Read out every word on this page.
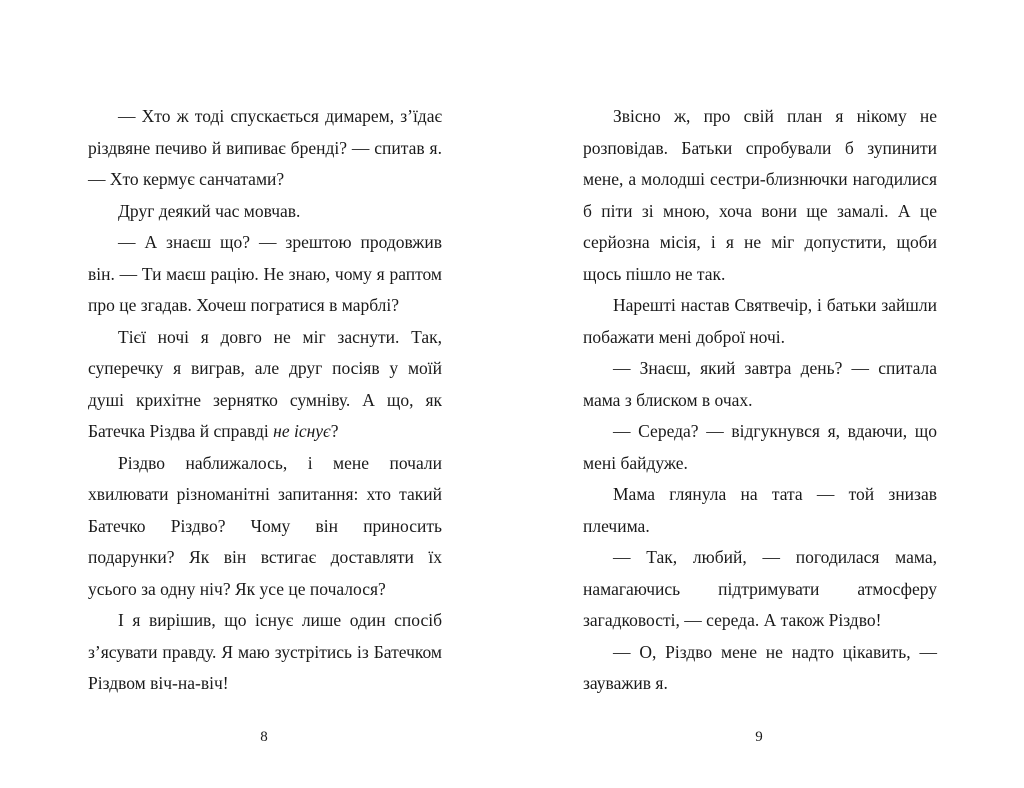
— Хто ж тоді спускається димарем, з’їдає різдвяне печиво й випиває бренді? — спитав я. — Хто кермує санчатами?

Друг деякий час мовчав.

— А знаєш що? — зрештою продовжив він. — Ти маєш рацію. Не знаю, чому я раптом про це згадав. Хочеш погратися в марблі?

Тієї ночі я довго не міг заснути. Так, суперечку я виграв, але друг посіяв у моїй душі крихітне зернятко сумніву. А що, як Батечка Різдва й справді не існує?

Різдво наближалось, і мене почали хвилювати різноманітні запитання: хто такий Батечко Різдво? Чому він приносить подарунки? Як він встигає доставляти їх усього за одну ніч? Як усе це почалося?

І я вирішив, що існує лише один спосіб з’ясувати правду. Я маю зустрітись із Батечком Різдвом віч-на-віч!

8

Звісно ж, про свій план я нікому не розповідав. Батьки спробували б зупинити мене, а молодші сестри-близнючки нагодилися б піти зі мною, хоча вони ще замалі. А це серйозна місія, і я не міг допустити, щоби щось пішло не так.

Нарешті настав Святвечір, і батьки зайшли побажати мені доброї ночі.

— Знаєш, який завтра день? — спитала мама з блиском в очах.

— Середа? — відгукнувся я, вдаючи, що мені байдуже.

Мама глянула на тата — той знизав плечима.

— Так, любий, — погодилася мама, намагаючись підтримувати атмосферу загадковості, — середа. А також Різдво!

— О, Різдво мене не надто цікавить, — зауважив я.

9
